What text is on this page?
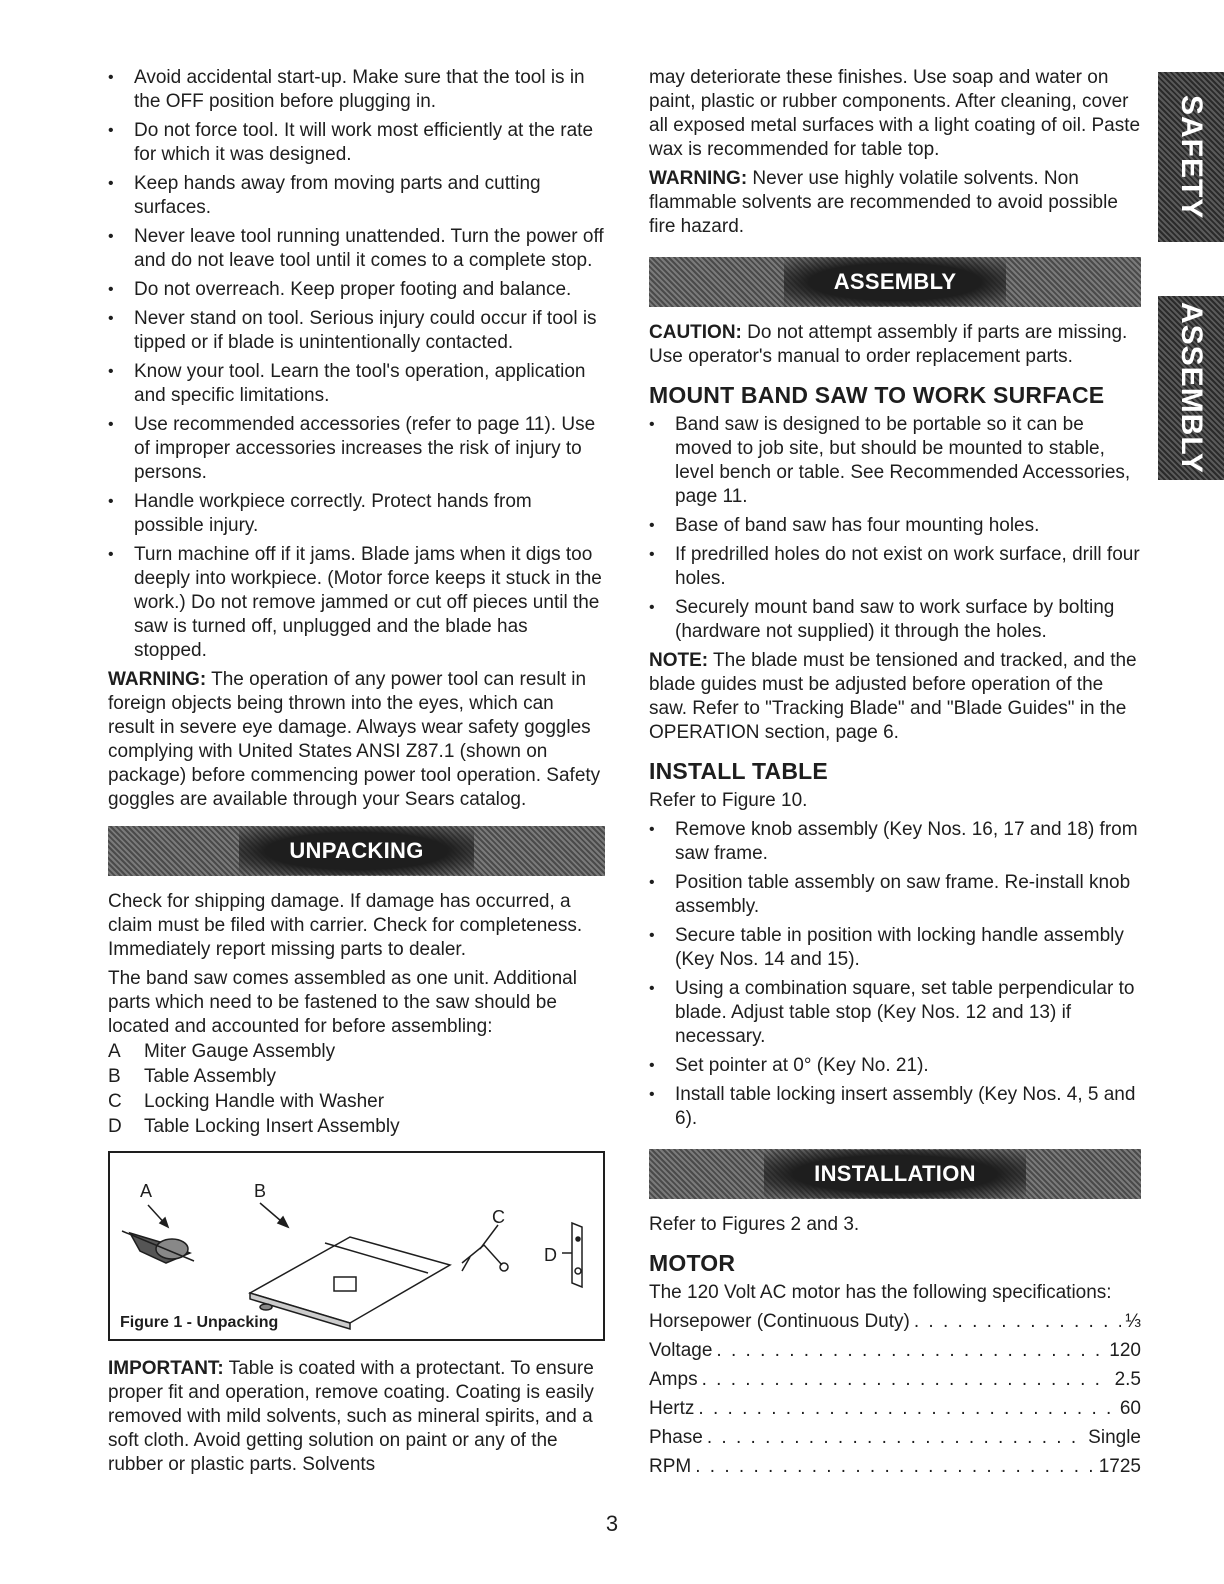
• Avoid accidental start-up. Make sure that the tool is in the OFF position before plugging in.
• Do not force tool. It will work most efficiently at the rate for which it was designed.
• Keep hands away from moving parts and cutting surfaces.
• Never leave tool running unattended. Turn the power off and do not leave tool until it comes to a complete stop.
• Do not overreach. Keep proper footing and balance.
• Never stand on tool. Serious injury could occur if tool is tipped or if blade is unintentionally contacted.
• Know your tool. Learn the tool's operation, application and specific limitations.
• Use recommended accessories (refer to page 11). Use of improper accessories increases the risk of injury to persons.
• Handle workpiece correctly. Protect hands from possible injury.
• Turn machine off if it jams. Blade jams when it digs too deeply into workpiece. (Motor force keeps it stuck in the work.) Do not remove jammed or cut off pieces until the saw is turned off, unplugged and the blade has stopped.

WARNING: The operation of any power tool can result in foreign objects being thrown into the eyes, which can result in severe eye damage. Always wear safety goggles complying with United States ANSI Z87.1 (shown on package) before commencing power tool operation. Safety goggles are available through your Sears catalog.

UNPACKING

Check for shipping damage. If damage has occurred, a claim must be filed with carrier. Check for completeness. Immediately report missing parts to dealer.

The band saw comes assembled as one unit. Additional parts which need to be fastened to the saw should be located and accounted for before assembling:

A	Miter Gauge Assembly
B	Table Assembly
C	Locking Handle with Washer
D	Table Locking Insert Assembly
A	B
C
D
Figure 1 - Unpacking

IMPORTANT: Table is coated with a protectant. To ensure proper fit and operation, remove coating. Coating is easily removed with mild solvents, such as mineral spirits, and a soft cloth. Avoid getting solution on paint or any of the rubber or plastic parts. Solvents

may deteriorate these finishes. Use soap and water on paint, plastic or rubber components. After cleaning, cover all exposed metal surfaces with a light coating of oil. Paste wax is recommended for table top.

WARNING: Never use highly volatile solvents. Non flammable solvents are recommended to avoid possible fire hazard.

ASSEMBLY

CAUTION: Do not attempt assembly if parts are missing. Use operator's manual to order replacement parts.

MOUNT BAND SAW TO WORK SURFACE
• Band saw is designed to be portable so it can be moved to job site, but should be mounted to stable, level bench or table. See Recommended Accessories, page 11.
• Base of band saw has four mounting holes.
• If predrilled holes do not exist on work surface, drill four holes.
• Securely mount band saw to work surface by bolting (hardware not supplied) it through the holes.

NOTE: The blade must be tensioned and tracked, and the blade guides must be adjusted before operation of the saw. Refer to "Tracking Blade" and "Blade Guides" in the OPERATION section, page 6.

INSTALL TABLE

Refer to Figure 10.

• Remove knob assembly (Key Nos. 16, 17 and 18) from saw frame.
• Position table assembly on saw frame. Re-install knob assembly.
• Secure table in position with locking handle assembly (Key Nos. 14 and 15).
• Using a combination square, set table perpendicular to blade. Adjust table stop (Key Nos. 12 and 13) if necessary.
• Set pointer at 0° (Key No. 21).
• Install table locking insert assembly (Key Nos. 4, 5 and 6).
INSTALLATION

Refer to Figures 2 and 3.

MOTOR

The 120 Volt AC motor has the following specifications:

Horsepower (Continuous Duty) . . .	⅓
Voltage . . .	120
Amps . . .	2.5
Hertz . . .	60
Phase . . .	Single
RPM . . .	1725
SAFETY
ASSEMBLY
3
